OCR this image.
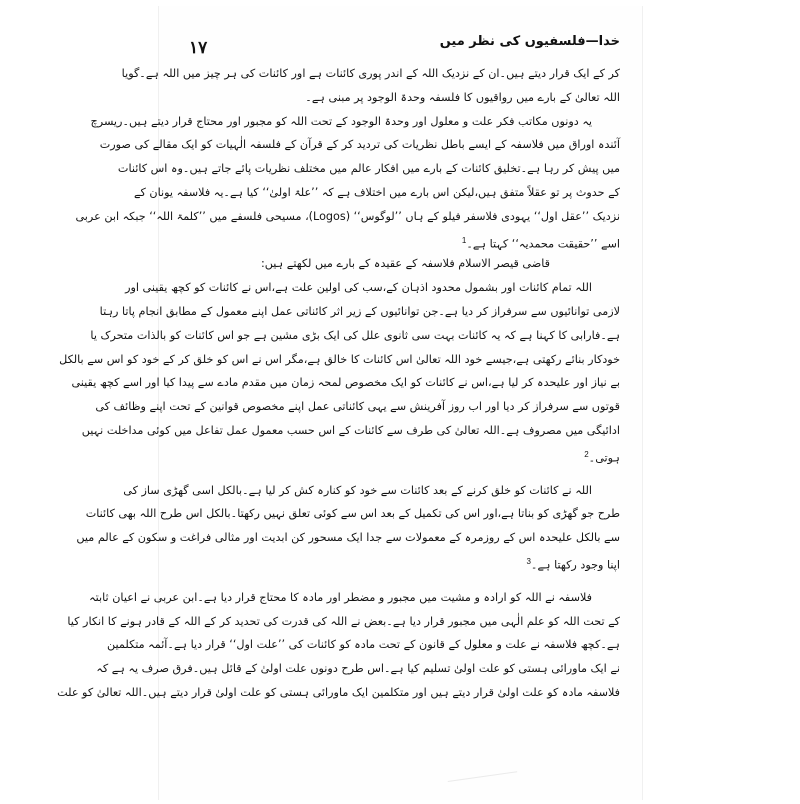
۱۷	خدا—فلسفیوں کی نظر میں
کر کے ایک قرار دیتے ہیں۔ان کے نزدیک اللہ کے اندر پوری کائنات ہے اور کائنات کی ہر چیز میں اللہ ہے۔گویا
اللہ تعالیٰ کے بارے میں رواقیوں کا فلسفہ وحدۃ الوجود پر مبنی ہے۔
یہ دونوں مکاتب فکر علت و معلول اور وحدۃ الوجود کے تحت اللہ کو مجبور اور محتاج قرار دیتے ہیں۔ریسرچ
آئندہ اوراق میں فلاسفہ کے ایسے باطل نظریات کی تردید کر کے قرآن کے فلسفہ الٰہیات کو ایک مقالے کی صورت
میں پیش کر رہا ہے۔تخلیق کائنات کے بارے میں افکار عالم میں مختلف نظریات پائے جاتے ہیں۔وہ اس کائنات
کے حدوث پر تو عقلاً متفق ہیں،لیکن اس بارے میں اختلاف ہے کہ ’’علۃ اولیٰ‘‘ کیا ہے۔یہ فلاسفہ یونان کے
نزدیک ’’عقل اول‘‘ یہودی فلاسفر فیلو کے ہاں ’’لوگوس‘‘ (Logos)، مسیحی فلسفے میں ’’کلمۃ اللہ‘‘ جبکہ ابن عربی
اسے ’’حقیقت محمدیہ‘‘ کہتا ہے۔$^1$
قاضی قیصر الاسلام فلاسفہ کے عقیدہ کے بارے میں لکھتے ہیں:
اللہ تمام کائنات اور بشمول محدود اذہان کے،سب کی اولین علت ہے،اس نے کائنات کو کچھ یقینی اور
لازمی توانائیوں سے سرفراز کر دیا ہے۔جن توانائیوں کے زیر اثر کائناتی عمل اپنے معمول کے مطابق انجام پاتا رہتا
ہے۔فارابی کا کہنا ہے کہ یہ کائنات بہت سی ثانوی علل کی ایک بڑی مشین ہے جو اس کائنات کو بالذات متحرک یا
خودکار بنائے رکھتی ہے،جیسے خود اللہ تعالیٰ اس کائنات کا خالق ہے،مگر اس نے اس کو خلق کر کے خود کو اس سے بالکل
بے نیاز اور علیحدہ کر لیا ہے،اس نے کائنات کو ایک مخصوص لمحہ زمان میں مقدم مادے سے پیدا کیا اور اسے کچھ یقینی
قوتوں سے سرفراز کر دیا اور اب روز آفرینش سے یہی کائناتی عمل اپنے مخصوص قوانین کے تحت اپنے وظائف کی
ادائیگی میں مصروف ہے۔اللہ تعالیٰ کی طرف سے کائنات کے اس حسب معمول عمل تفاعل میں کوئی مداخلت نہیں
ہوتی۔$^2$
اللہ نے کائنات کو خلق کرنے کے بعد کائنات سے خود کو کنارہ کش کر لیا ہے۔بالکل اسی گھڑی ساز کی
طرح جو گھڑی کو بناتا ہے،اور اس کی تکمیل کے بعد اس سے کوئی تعلق نہیں رکھتا۔بالکل اس طرح اللہ بھی کائنات
سے بالکل علیحدہ اس کے روزمرہ کے معمولات سے جدا ایک مسحور کن ابدیت اور مثالی فراغت و سکون کے عالم میں
اپنا وجود رکھتا ہے۔$^3$
فلاسفہ نے اللہ کو ارادہ و مشیت میں مجبور و مضطر اور مادہ کا محتاج قرار دیا ہے۔ابن عربی نے اعیان ثابتہ
کے تحت اللہ کو علم الٰہی میں مجبور قرار دیا ہے۔بعض نے اللہ کی قدرت کی تحدید کر کے اللہ کے قادر ہونے کا انکار کیا
ہے۔کچھ فلاسفہ نے علت و معلول کے قانون کے تحت مادہ کو کائنات کی ’’علت اول‘‘ قرار دیا ہے۔آئمہ متکلمین
نے ایک ماورائی ہستی کو علت اولیٰ تسلیم کیا ہے۔اس طرح دونوں علت اولیٰ کے قائل ہیں۔فرق صرف یہ ہے کہ
فلاسفہ مادہ کو علت اولیٰ قرار دیتے ہیں اور متکلمین ایک ماورائی ہستی کو علت اولیٰ قرار دیتے ہیں۔اللہ تعالیٰ کو علت
